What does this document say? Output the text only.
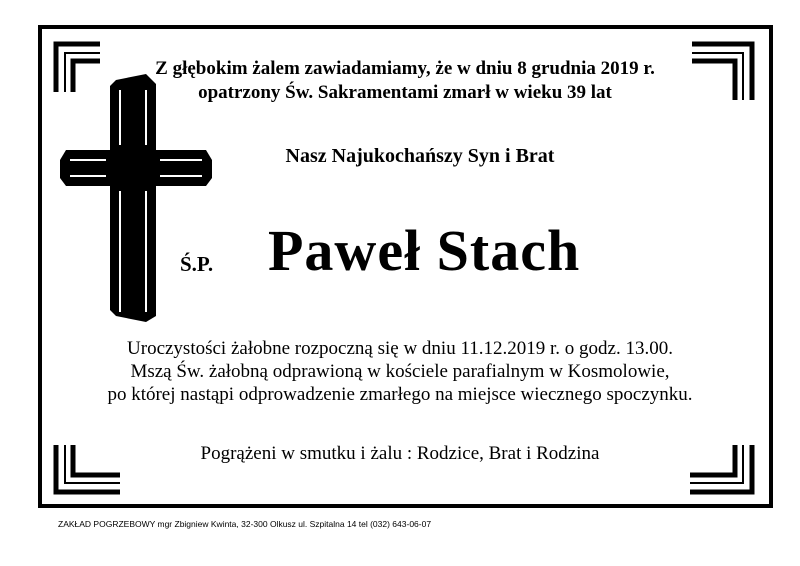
Z głębokim żalem zawiadamiamy, że w dniu 8 grudnia 2019 r.
opatrzony Św. Sakramentami zmarł w wieku 39 lat
Nasz Najukochańszy Syn i Brat
Ś.P. Paweł Stach
Uroczystości żałobne rozpoczną się w dniu 11.12.2019 r. o godz. 13.00.
Mszą Św. żałobną odprawioną w kościele parafialnym w Kosmolowie,
po której nastąpi odprowadzenie zmarłego na miejsce wiecznego spoczynku.
Pogrążeni w smutku i żalu : Rodzice, Brat i Rodzina
ZAKŁAD POGRZEBOWY mgr Zbigniew Kwinta, 32-300 Olkusz ul. Szpitalna 14 tel (032) 643-06-07
